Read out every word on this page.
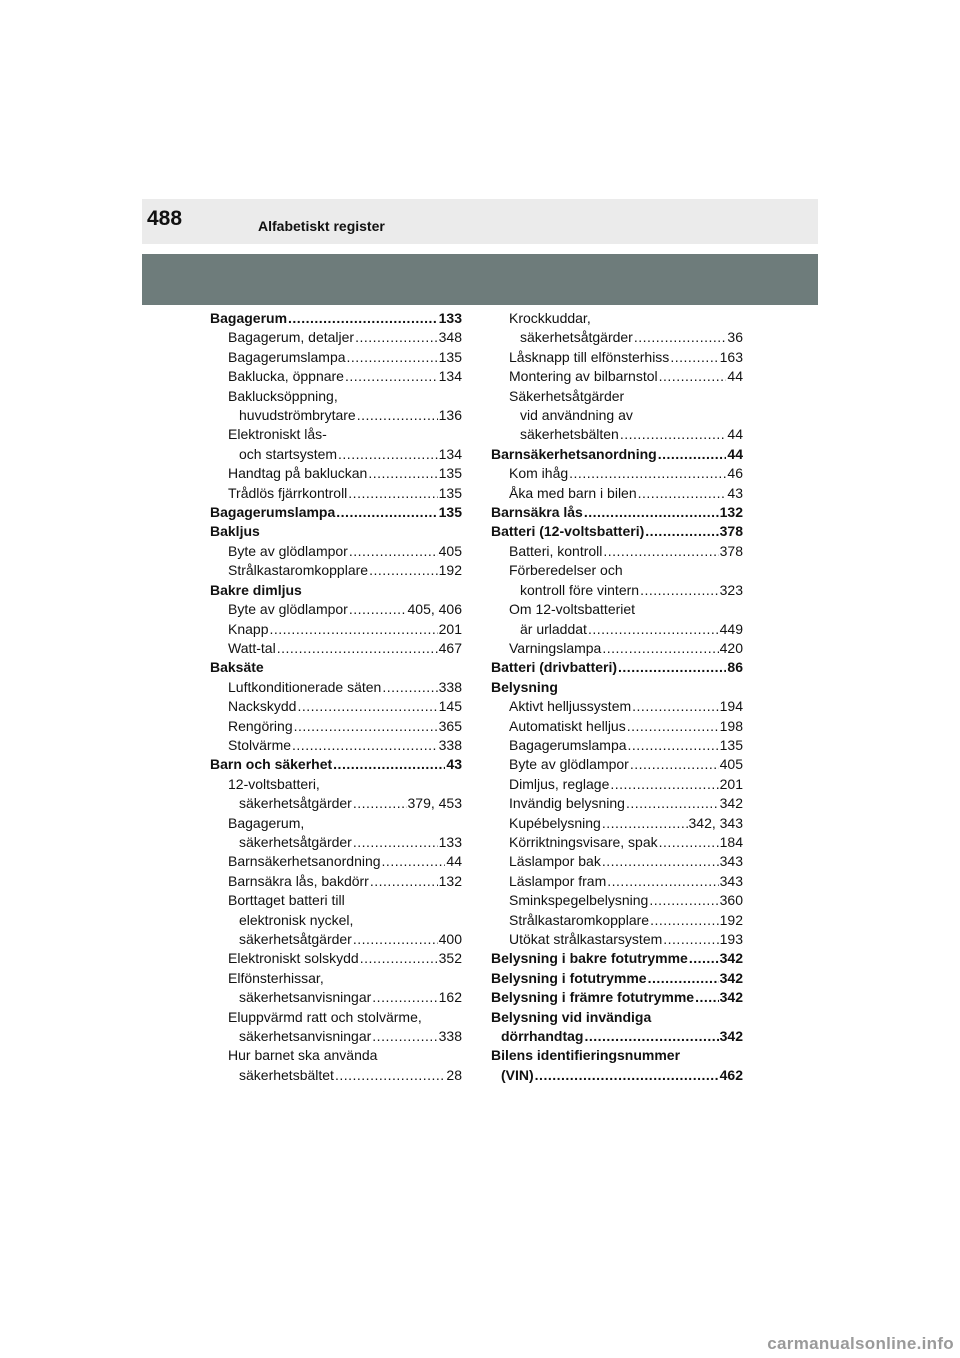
488	Alfabetiskt register
Bagagerum .....	133
Bagagerum, detaljer .....	348
Bagagerumslampa .....	135
Baklucka, öppnare .....	134
Baklucksöppning,
huvudströmbrytare .....	136
Elektroniskt lås-
och startsystem .....	134
Handtag på bakluckan .....	135
Trådlös fjärrkontroll .....	135
Bagagerumslampa .....	135
Bakljus
Byte av glödlampor .....	405
Strålkastaromkopplare .....	192
Bakre dimljus
Byte av glödlampor .....	405, 406
Knapp .....	201
Watt-tal .....	467
Baksäte
Luftkonditionerade säten .....	338
Nackskydd .....	145
Rengöring .....	365
Stolvärme .....	338
Barn och säkerhet .....	43
12-voltsbatteri,
säkerhetsåtgärder .....	379, 453
Bagagerum,
säkerhetsåtgärder .....	133
Barnsäkerhetsanordning .....	44
Barnsäkra lås, bakdörr .....	132
Borttaget batteri till
elektronisk nyckel,
säkerhetsåtgärder .....	400
Elektroniskt solskydd .....	352
Elfönsterhissar,
säkerhetsanvisningar .....	162
Eluppvärmd ratt och stolvärme,
säkerhetsanvisningar .....	338
Hur barnet ska använda
säkerhetsbältet .....	28
Krockkuddar,
säkerhetsåtgärder .....	36
Låsknapp till elfönsterhiss .....	163
Montering av bilbarnstol .....	44
Säkerhetsåtgärder
vid användning av
säkerhetsbälten .....	44
Barnsäkerhetsanordning .....	44
Kom ihåg .....	46
Åka med barn i bilen .....	43
Barnsäkra lås .....	132
Batteri (12-voltsbatteri) .....	378
Batteri, kontroll .....	378
Förberedelser och
kontroll före vintern .....	323
Om 12-voltsbatteriet
är urladdat .....	449
Varningslampa .....	420
Batteri (drivbatteri) .....	86
Belysning
Aktivt helljussystem .....	194
Automatiskt helljus .....	198
Bagagerumslampa .....	135
Byte av glödlampor .....	405
Dimljus, reglage .....	201
Invändig belysning .....	342
Kupébelysning .....	342, 343
Körriktningsvisare, spak .....	184
Läslampor bak .....	343
Läslampor fram .....	343
Sminkspegelbelysning .....	360
Strålkastaromkopplare .....	192
Utökat strålkastarsystem .....	193
Belysning i bakre fotutrymme ..... 342
Belysning i fotutrymme .....	342
Belysning i främre fotutrymme ..... 342
Belysning vid invändiga
dörrhandtag .....	342
Bilens identifieringsnummer
(VIN) .....	462
carmanualsonline.info
